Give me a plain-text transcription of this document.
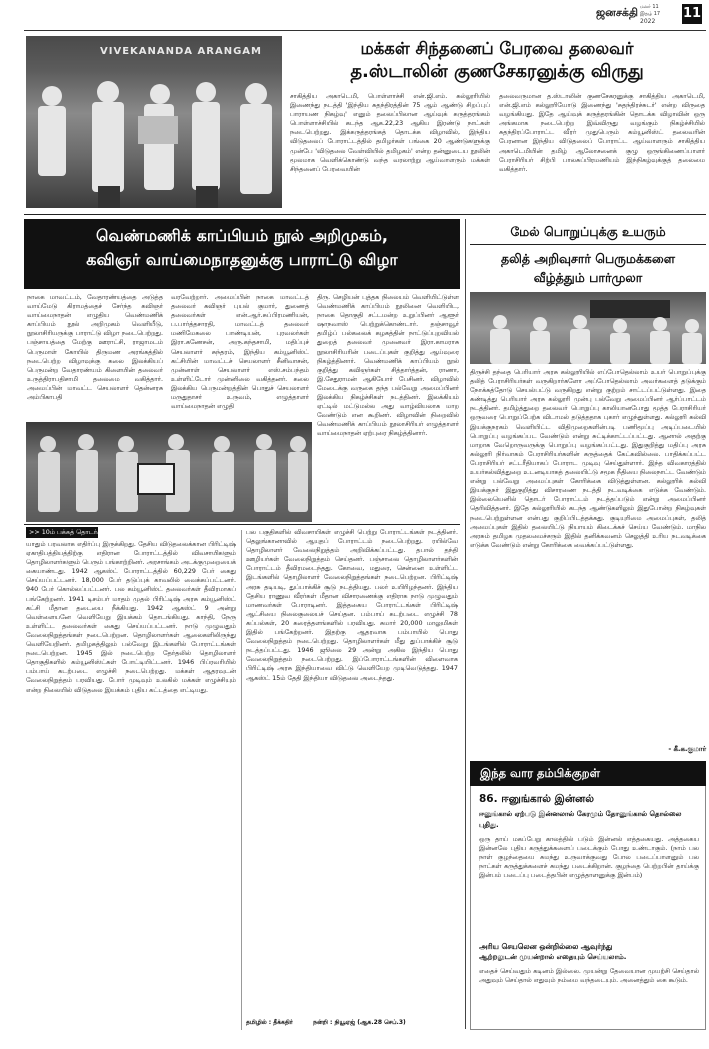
ஜனசக்தி மலர் 11
இதழ் 17
2022
11
VIVEKANANDA ARANGAM	மக்கள் சிந்தனைப் பேரவை தலைவர்
த.ஸ்டாலின் குணசேகரனுக்கு விருது
சாகித்திய அகாடெமி, பொள்ளாச்சி என்.ஜி.எம். கல்லூரியில் இணைந்து நடத்தி 'இந்திய சுதந்திரத்தின் 75 ஆம் ஆண்டு சிறப்புப் பாராயண நிகழ்வு' எனும் தலைப்பிலான ஆய்வுக் கருத்தரங்கம் பொள்ளாச்சியில் கடந்த ஆக.22,23 ஆகிய இரண்டு நாட்கள் நடைபெற்றது. இக்கருத்தரங்கத் தொடக்க விழாவில், இந்திய விடுதலைப் போராட்டத்தில் தமிழர்கள் பங்கை 20 ஆண்டுகளுக்கு முன்பே 'விடுதலை வேள்வியில் தமிழகம்' என்ற தன்னுடைய நூலின் மூலமாக வெளிக்கொண்டு வந்த வரலாற்று ஆய்வாளரும் மக்கள் சிந்தனைப் பேரவையின்
தலைவருமான த.ஸ்டாலின் குணசேகரனுக்கு சாகித்திய அகாடெமி, என்.ஜி.எம் கல்லூரியோடு இணைந்து 'சுதந்திரச்சுடர்' என்ற விருதை வழங்கியது. இதே ஆய்வுக் கருத்தரங்கின் தொடக்க விழாவின் ஒரு அங்கமாக நடைபெற்ற இவ்விருது வழங்கும் நிகழ்ச்சியில் சுதந்திரப்போராட்ட வீரர் முதுபெரும் கம்யூனிஸ்ட் தலைவரின் பேரனான இந்திய விடுதலைப் போராட்ட ஆய்வாளரும் சாகித்திய அகாடெமியின் தமிழ் ஆலோசனைக் குழு ஒருங்கிணைப்பாளர் பேராசிரியர் சிற்பி பாலசுப்பிரமணியம் இந்நிகழ்வுக்குத் தலைமை வகித்தார்.
வெண்மணிக் காப்பியம் நூல் அறிமுகம்,
கவிஞர் வாய்மைநாதனுக்கு பாராட்டு விழா
நாகை மாவட்டம், வேதாரண்யத்தை அடுத்த வாய்மேடு கிராமத்தைச் சேர்ந்த கவிஞர் வாய்மைநாதன் எழுதிய வெண்மணிக் காப்பியம் நூல் அறிமுகம் வெளியீடு, நூலாசிரியருக்கு பாராட்டு விழா நடைபெற்றது. பஞ்சாயத்தை மேற்கு ஊராட்சி, ராஜாமடம் பெருமாள் கோயில் திருமண அரங்கத்தில் நடைபெற்ற விழாவுக்கு கலை இலக்கியப் பெருமன்ற வேதாரண்யம் கிளையின் தலைவர் உருத்திராபதிசாமி தலைமை வகித்தார். அமைப்பின் மாவட்ட செயலாளர் தென்னரசு அம்பிகாபதி
வரவேற்றார். அமைப்பின் நாகை மாவட்டத் தலைவர் கவிஞர் புயல் குமார், துணைத் தலைவர்கள் என்.ஆர்.சுப்பிரமணியன், ப.பார்த்தசாரதி, மாவட்டத் தலைவர் மணிமேகலை பாண்டியன், புரவலர்கள் இரா.கணேசன், அரு.கந்தசாமி, மதிப்புச் செயலாளர் சுந்தரம், இந்திய கம்யூனிஸ்ட் கட்சியின் மாவட்டச் செயலாளர் சீனிவாசன், முன்னாள் செயலாளர் எஸ்.சம்பந்தம் உள்ளிட்டோர் முன்னிலை வகித்தனர். கலை இலக்கிய பெருமன்றத்தின் பொதுச் செயலாளர் மருதுதாசர் உருவம், எழுத்தாளர் வாய்மைநாதன் எழுதி
திரு. செழியன் புத்தக நிலையம் வெளியிட்டுள்ள வெண்மணிக் காப்பியம் நூலினை வெளியிட, நாகை தொகுதி சட்டமன்ற உறுப்பினர் ஆளூர் ஷாநவாஸ் பெற்றுக்கொண்டார். தஞ்சாவூர் தமிழ்ப் பல்கலைக் கழகத்தின் நாட்டுப்புறவியல் துறைத் தலைவர் முனைவர் இரா.காமராசு நூலாசிரியரின் படைப்புகள் குறித்து ஆய்வுரை நிகழ்த்தினார். வெண்மணிக் காப்பியம் நூல் குறித்து கவிஞர்கள் சித்தார்த்தன், ராணா, இ.சேதுராமன் ஆகியோர் பேசினர். விழாவில் மேடைக்கு வருகை தந்த பல்வேறு அமைப்பினர் இலக்கிய நிகழ்ச்சிகள் நடத்தினர். இலக்கியம் ஏட்டில் மட்டுமல்ல அது வாழ்வியலாக மாற வேண்டும் என கூறினர். விழாவின் நிறைவில் வெண்மணிக் காப்பியம் நூலாசிரியர் எழுத்தாளர் வாய்மைநாதன் ஏற்புரை நிகழ்த்தினார்.
>> 10ம் பக்கத் தொடர்ச்சி
யாதும் பரவலாக எதிர்ப்பு இருக்கிறது. தேசிய விடுதலைக்கான பிரிட்டிஷ் ஏகாதிபத்தியத்திற்கு எதிரான போராட்டத்தில் விவசாயிகளும் தொழிலாளர்களும் பெரும் பங்காற்றினர். அரசாங்கம் அடக்குமுறையைக் கையாண்டது. 1942 ஆகஸ்ட் போராட்டத்தில் 60,229 பேர் கைது செய்யப்பட்டனர். 18,000 பேர் தடுப்புக் காவலில் வைக்கப்பட்டனர். 940 பேர் கொல்லப்பட்டனர். பல கம்யூனிஸ்ட் தலைவர்கள் தீவிரமாகப் பங்கேற்றனர். 1941 டிசம்பர் மாதம் முதல் பிரிட்டிஷ் அரசு கம்யூனிஸ்ட் கட்சி மீதான தடையை நீக்கியது. 1942 ஆகஸ்ட் 9 அன்று வெள்ளையனே வெளியேறு இயக்கம் தொடங்கியது. காந்தி, நேரு உள்ளிட்ட தலைவர்கள் கைது செய்யப்பட்டனர். நாடு முழுவதும் வேலைநிறுத்தங்கள் நடைபெற்றன. தொழிலாளர்கள் ஆலைகளிலிருந்து வெளியேறினர். தமிழகத்திலும் பல்வேறு இடங்களில் போராட்டங்கள் நடைபெற்றன. 1945 இல் நடைபெற்ற தேர்தலில் தொழிலாளர் தொகுதிகளில் கம்யூனிஸ்ட்கள் போட்டியிட்டனர். 1946 பிப்ரவரியில் பம்பாய் கடற்படை எழுச்சி நடைபெற்றது. மக்கள் ஆதரவுடன் வேலைநிறுத்தம் பரவியது. போர் முடிவும் உலகில் மக்கள் எழுச்சியும் என்ற நிலையில் விடுதலை இயக்கம் புதிய கட்டத்தை எட்டியது.
பல பகுதிகளில் விவசாயிகள் எழுச்சி பெற்று போராட்டங்கள் நடத்தினர். தெலுங்கானாவில் ஆயுதப் போராட்டம் நடைபெற்றது. ரயில்வே தொழிலாளர் வேலைநிறுத்தம் அறிவிக்கப்பட்டது. தபால் தந்தி ஊழியர்கள் வேலைநிறுத்தம் செய்தனர். பஞ்சாலை தொழிலாளர்களின் போராட்டம் தீவிரமடைந்தது. கோவை, மதுரை, சென்னை உள்ளிட்ட இடங்களில் தொழிலாளர் வேலைநிறுத்தங்கள் நடைபெற்றன. பிரிட்டிஷ் அரசு தடியடி, துப்பாக்கிச் சூடு நடத்தியது. பலர் உயிரிழந்தனர். இந்திய தேசிய ராணுவ வீரர்கள் மீதான விசாரணைக்கு எதிராக நாடு முழுவதும் மாணவர்கள் போராடினர். இத்தகைய போராட்டங்கள் பிரிட்டிஷ் ஆட்சியை நிலைகுலையச் செய்தன. பம்பாய் கடற்படை எழுச்சி 78 கப்பல்கள், 20 கரைத்தளங்களில் பரவியது. சுமார் 20,000 மாலுமிகள் இதில் பங்கேற்றனர். இதற்கு ஆதரவாக பம்பாயில் பொது வேலைநிறுத்தம் நடைபெற்றது. தொழிலாளர்கள் மீது துப்பாக்கிச் சூடு நடத்தப்பட்டது. 1946 ஜூலை 29 அன்று அகில இந்திய பொது வேலைநிறுத்தம் நடைபெற்றது. இப்போராட்டங்களின் விளைவாக பிரிட்டிஷ் அரசு இந்தியாவை விட்டு வெளியேற முடிவெடுத்தது. 1947 ஆகஸ்ட் 15ம் தேதி இந்தியா விடுதலை அடைந்தது.
தமிழில் : தீக்கதிர்	நன்றி : நியூஏஜ் (ஆக.28 செப்.3)
மேல் பொறுப்புக்கு உயரும்
தலித் அறிவுசார் பெருமக்களை
வீழ்த்தும் பார்முலா
திருச்சி தந்தை பெரியார் அரசு கல்லூரியில் எப்போதெல்லாம் உயர் பொறுப்புக்கு தலித் பேராசிரியர்கள் வருகிறார்களோ அப்போதெல்லாம் அவர்களைத் தடுக்கும் நோக்கத்தோடு செயல்பட்டு வருகிறது என்று குற்றம் சாட்டப்பட்டுள்ளது. இதை கண்டித்து பெரியார் அரசு கல்லூரி முன்பு பல்வேறு அமைப்பினர் ஆர்ப்பாட்டம் நடத்தினர். தமிழ்த்துறை தலைவர் பொறுப்பு காலியானபோது மூத்த பேராசிரியர் ஒருவரை பொறுப்பேற்க விடாமல் தடுத்ததாக புகார் எழுந்துள்ளது. கல்லூரி கல்வி இயக்குநரகம் வெளியிட்ட விதிமுறைகளின்படி பணிமூப்பு அடிப்படையில் பொறுப்பு வழங்கப்பட வேண்டும் என்று சுட்டிக்காட்டப்பட்டது. ஆனால் அதற்கு மாறாக வேறொருவருக்கு பொறுப்பு வழங்கப்பட்டது. இதுகுறித்து மதிப்பு அரசு கல்லூரி நிர்வாகம் பேராசிரியர்களின் கருத்தைக் கேட்கவில்லை. பாதிக்கப்பட்ட பேராசிரியர் சட்டரீதியாகப் போராட முடிவு செய்துள்ளார். இந்த விவகாரத்தில் உயர்கல்வித்துறை உடனடியாகத் தலையிட்டு சமூக நீதியை நிலைநாட்ட வேண்டும் என்று பல்வேறு அமைப்புகள் கோரிக்கை விடுத்துள்ளன. கல்லூரிக் கல்வி இயக்குநர் இதுகுறித்து விசாரணை நடத்தி நடவடிக்கை எடுக்க வேண்டும். இல்லையெனில் தொடர் போராட்டம் நடத்தப்படும் என்று அமைப்பினர் தெரிவித்தனர். இதே கல்லூரியில் கடந்த ஆண்டுகளிலும் இதுபோன்ற நிகழ்வுகள் நடைபெற்றுள்ளன என்பது குறிப்பிடத்தக்கது. குடியுரிமை அமைப்புகள், தலித் அமைப்புகள் இதில் தலையிட்டு நியாயம் கிடைக்கச் செய்ய வேண்டும். மாநில அரசும் தமிழக முதலமைச்சரும் இதில் தனிக்கவனம் செலுத்தி உரிய நடவடிக்கை எடுக்க வேண்டும் என்று கோரிக்கை வைக்கப்பட்டுள்ளது.
- கீ.க.குமார்
இந்த வார தம்பிக்குறள்
86. ஈனுங்கால் இன்னல்
ஈனுங்கால் ஏற்படு இன்னலால் கேரமும் தோனுங்கால் தொல்லை புதிது.
ஒரு தாய் மகப்பேறு காலத்தில் படும் இன்னல் எத்தகையது. அத்தகைய இன்னலே புதிய கருத்துக்களைப் படைக்கும் போது உண்டாகும். (நாம் பல நாள் குழந்தையை சுமந்து உருவாக்குவது போல படைப்பாளனும் பல நாட்கள் கருத்துக்களைச் சுமந்து படைக்கிறான். குழந்தை பெற்றபின் தாய்க்கு இன்பம் படைப்பு படைத்தபின் எழுத்தாளனுக்கு இன்பம்)
அரிய செயலென ஒன்றில்லை ஆவுர்ந்து
ஆற்றலுடன் முயன்றால் எதையும் செய்யலாம்.
எதைச் செய்வதும் கடினம் இல்லை. முயன்று தேவையான முயற்சி செய்தால் அதுவும் செய்தால் எதுவும் நம்மை வந்தடையும். அனைத்தும் கை கூடும்.
